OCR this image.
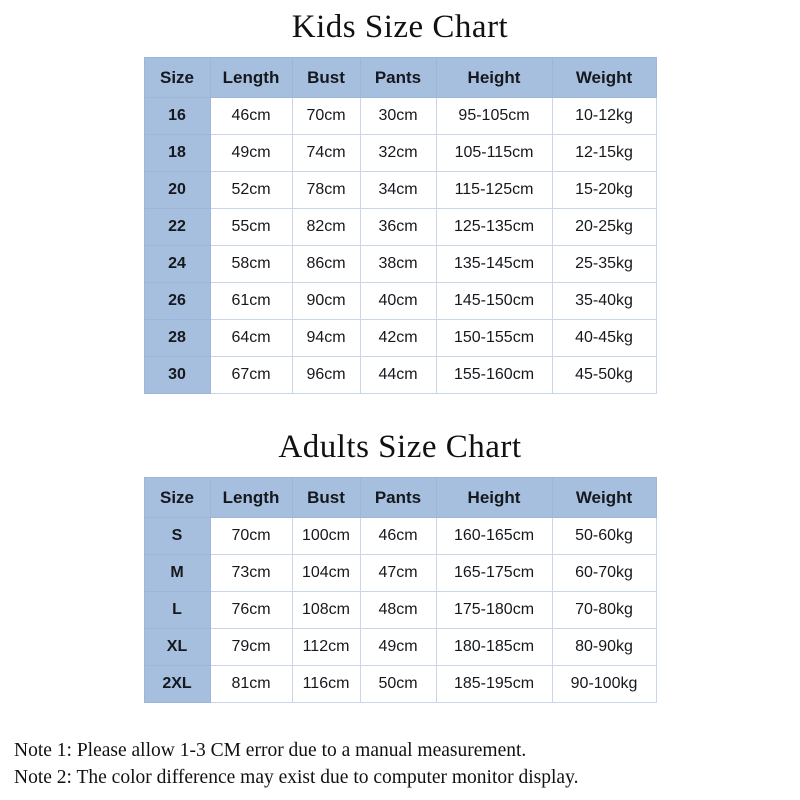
Kids Size Chart
Size	Length	Bust	Pants	Height	Weight
16	46cm	70cm	30cm	95-105cm	10-12kg
18	49cm	74cm	32cm	105-115cm	12-15kg
20	52cm	78cm	34cm	115-125cm	15-20kg
22	55cm	82cm	36cm	125-135cm	20-25kg
24	58cm	86cm	38cm	135-145cm	25-35kg
26	61cm	90cm	40cm	145-150cm	35-40kg
28	64cm	94cm	42cm	150-155cm	40-45kg
30	67cm	96cm	44cm	155-160cm	45-50kg
Adults Size Chart
Size	Length	Bust	Pants	Height	Weight
S	70cm	100cm	46cm	160-165cm	50-60kg
M	73cm	104cm	47cm	165-175cm	60-70kg
L	76cm	108cm	48cm	175-180cm	70-80kg
XL	79cm	112cm	49cm	180-185cm	80-90kg
2XL	81cm	116cm	50cm	185-195cm	90-100kg
Note 1: Please allow 1-3 CM error due to a manual measurement.
Note 2: The color difference may exist due to computer monitor display.
